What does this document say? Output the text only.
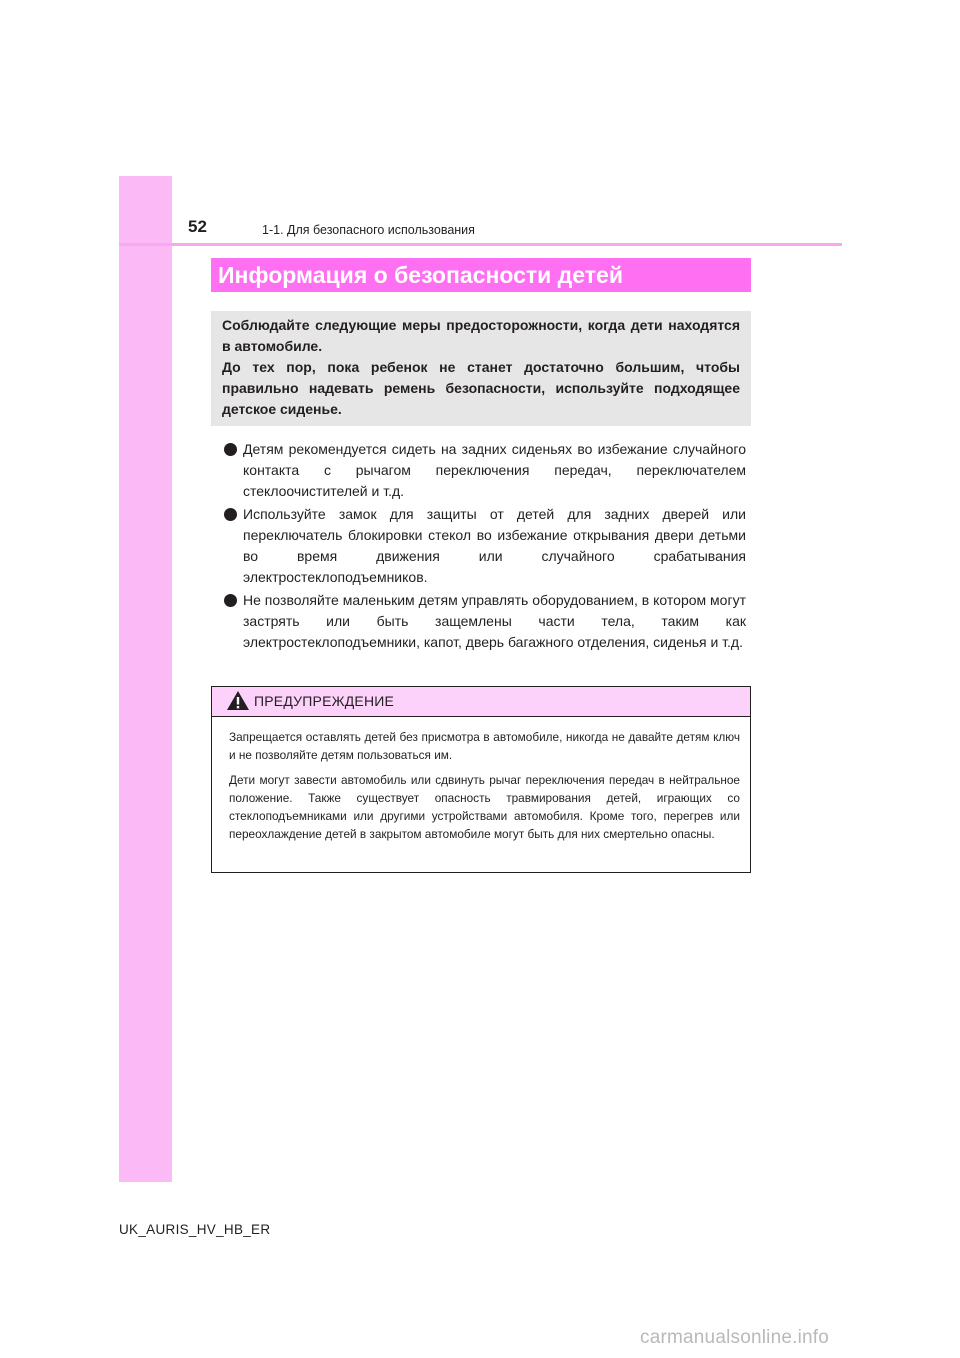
52	1-1. Для безопасного использования
Информация о безопасности детей

Соблюдайте следующие меры предосторожности, когда дети находятся в автомобиле.

До тех пор, пока ребенок не станет достаточно большим, чтобы правильно надевать ремень безопасности, используйте подходящее детское сиденье.

Детям рекомендуется сидеть на задних сиденьях во избежание случайного контакта с рычагом переключения передач, переключателем стеклоочистителей и т.д.
Используйте замок для защиты от детей для задних дверей или переключатель блокировки стекол во избежание открывания двери детьми во время движения или случайного срабатывания электростеклоподъемников.
Не позволяйте маленьким детям управлять оборудованием, в котором могут застрять или быть защемлены части тела, таким как электростеклоподъемники, капот, дверь багажного отделения, сиденья и т.д.
ПРЕДУПРЕЖДЕНИЕ

Запрещается оставлять детей без присмотра в автомобиле, никогда не давайте детям ключ и не позволяйте детям пользоваться им.

Дети могут завести автомобиль или сдвинуть рычаг переключения передач в нейтральное положение. Также существует опасность травмирования детей, играющих со стеклоподъемниками или другими устройствами автомобиля. Кроме того, перегрев или переохлаждение детей в закрытом автомобиле могут быть для них смертельно опасны.

UK_AURIS_HV_HB_ER
carmanualsonline.info
